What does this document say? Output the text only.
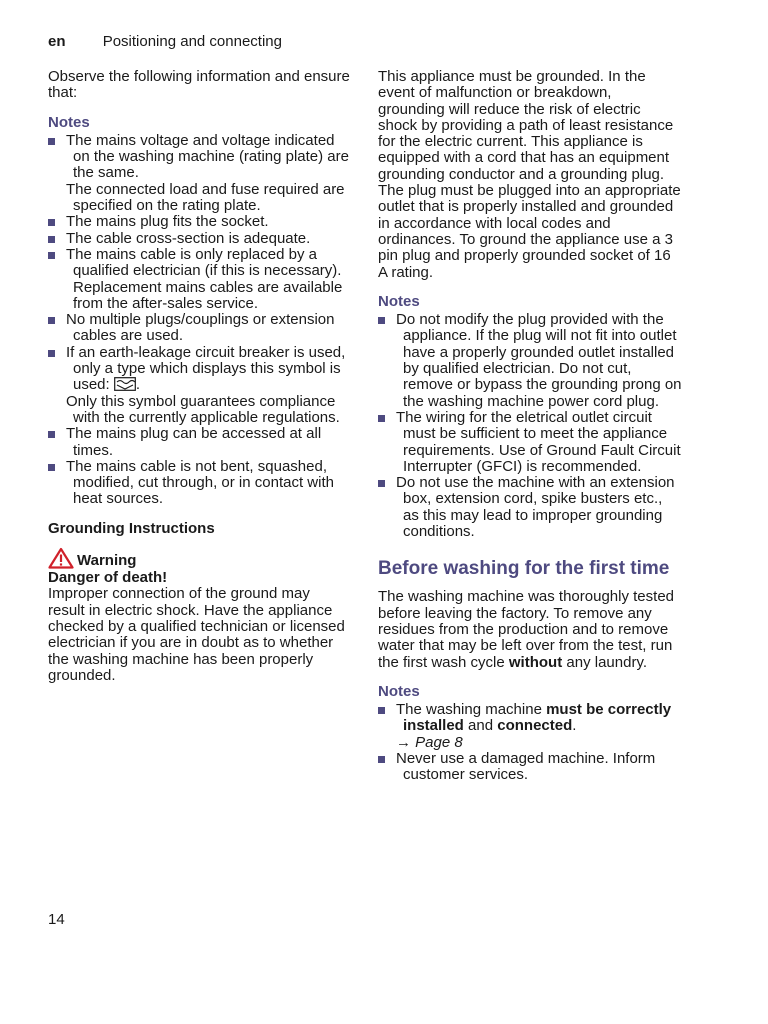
en Positioning and connecting

Observe the following information and ensure that:

Notes

The mains voltage and voltage indicated on the washing machine (rating plate) are the same.
The connected load and fuse required are specified on the rating plate.
The mains plug fits the socket.
The cable cross-section is adequate.
The mains cable is only replaced by a qualified electrician (if this is necessary). Replacement mains cables are available from the after-sales service.
No multiple plugs/couplings or extension cables are used.
If an earth-leakage circuit breaker is used, only a type which displays this symbol is used: .
Only this symbol guarantees compliance with the currently applicable regulations.
The mains plug can be accessed at all times.
The mains cable is not bent, squashed, modified, cut through, or in contact with heat sources.

Grounding Instructions

Warning

Danger of death!

Improper connection of the ground may result in electric shock. Have the appliance checked by a qualified technician or licensed electrician if you are in doubt as to whether the washing machine has been properly grounded.

This appliance must be grounded. In the event of malfunction or breakdown, grounding will reduce the risk of electric shock by providing a path of least resistance for the electric current. This appliance is equipped with a cord that has an equipment grounding conductor and a grounding plug. The plug must be plugged into an appropriate outlet that is properly installed and grounded in accordance with local codes and ordinances. To ground the appliance use a 3 pin plug and properly grounded socket of 16 A rating.

Notes

Do not modify the plug provided with the appliance. If the plug will not fit into outlet have a properly grounded outlet installed by qualified electrician. Do not cut, remove or bypass the grounding prong on the washing machine power cord plug.
The wiring for the eletrical outlet circuit must be sufficient to meet the appliance requirements. Use of Ground Fault Circuit Interrupter (GFCI) is recommended.
Do not use the machine with an extension box, extension cord, spike busters etc., as this may lead to improper grounding conditions.

Before washing for the first time

The washing machine was thoroughly tested before leaving the factory. To remove any residues from the production and to remove water that may be left over from the test, run the first wash cycle without any laundry.

Notes

The washing machine must be correctly installed and connected.
→ Page 8
Never use a damaged machine. Inform customer services.
14
